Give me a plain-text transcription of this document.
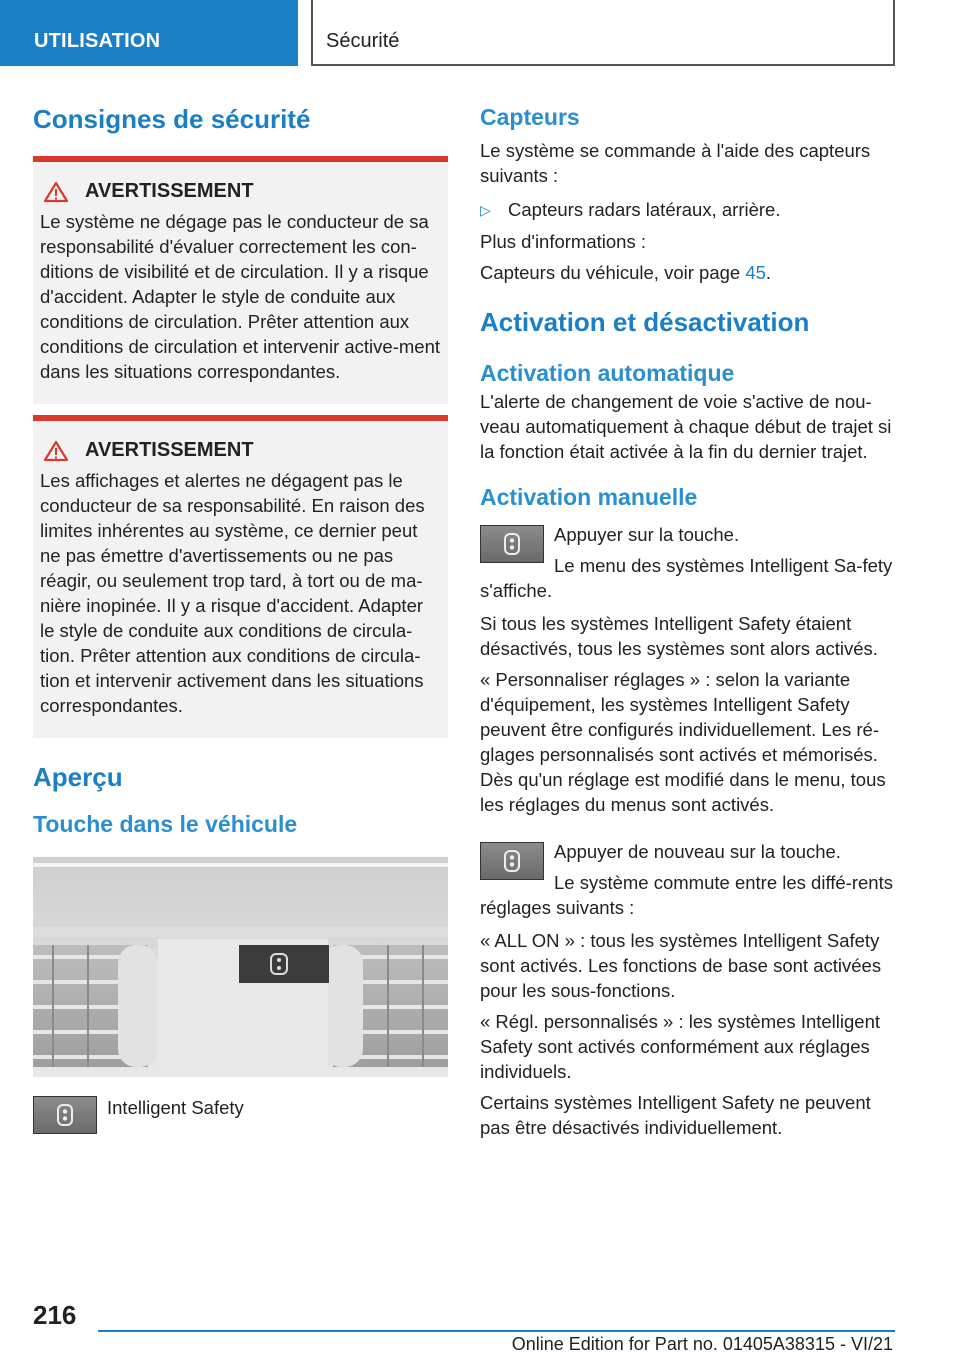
UTILISATION	Sécurité
Consignes de sécurité
AVERTISSEMENT

Le système ne dégage pas le conducteur de sa responsabilité d'évaluer correctement les con-ditions de visibilité et de circulation. Il y a risque d'accident. Adapter le style de conduite aux conditions de circulation. Prêter attention aux conditions de circulation et intervenir active-ment dans les situations correspondantes.

AVERTISSEMENT

Les affichages et alertes ne dégagent pas le conducteur de sa responsabilité. En raison des limites inhérentes au système, ce dernier peut ne pas émettre d'avertissements ou ne pas réagir, ou seulement trop tard, à tort ou de ma-nière inopinée. Il y a risque d'accident. Adapter le style de conduite aux conditions de circula-tion. Prêter attention aux conditions de circula-tion et intervenir activement dans les situations correspondantes.

Aperçu
Touche dans le véhicule
Intelligent Safety
Capteurs

Le système se commande à l'aide des capteurs suivants :

▷ Capteurs radars latéraux, arrière.

Plus d'informations :

Capteurs du véhicule, voir page 45.

Activation et désactivation
Activation automatique

L'alerte de changement de voie s'active de nou-veau automatiquement à chaque début de trajet si la fonction était activée à la fin du dernier trajet.

Activation manuelle

Appuyer sur la touche.

Le menu des systèmes Intelligent Sa-fety s'affiche.

Si tous les systèmes Intelligent Safety étaient désactivés, tous les systèmes sont alors activés.

« Personnaliser réglages » : selon la variante d'équipement, les systèmes Intelligent Safety peuvent être configurés individuellement. Les ré-glages personnalisés sont activés et mémorisés. Dès qu'un réglage est modifié dans le menu, tous les réglages du menus sont activés.

Appuyer de nouveau sur la touche.

Le système commute entre les diffé-rents réglages suivants :

« ALL ON » : tous les systèmes Intelligent Safety sont activés. Les fonctions de base sont activées pour les sous-fonctions.

« Régl. personnalisés » : les systèmes Intelligent Safety sont activés conformément aux réglages individuels.

Certains systèmes Intelligent Safety ne peuvent pas être désactivés individuellement.

216
Online Edition for Part no. 01405A38315 - VI/21
